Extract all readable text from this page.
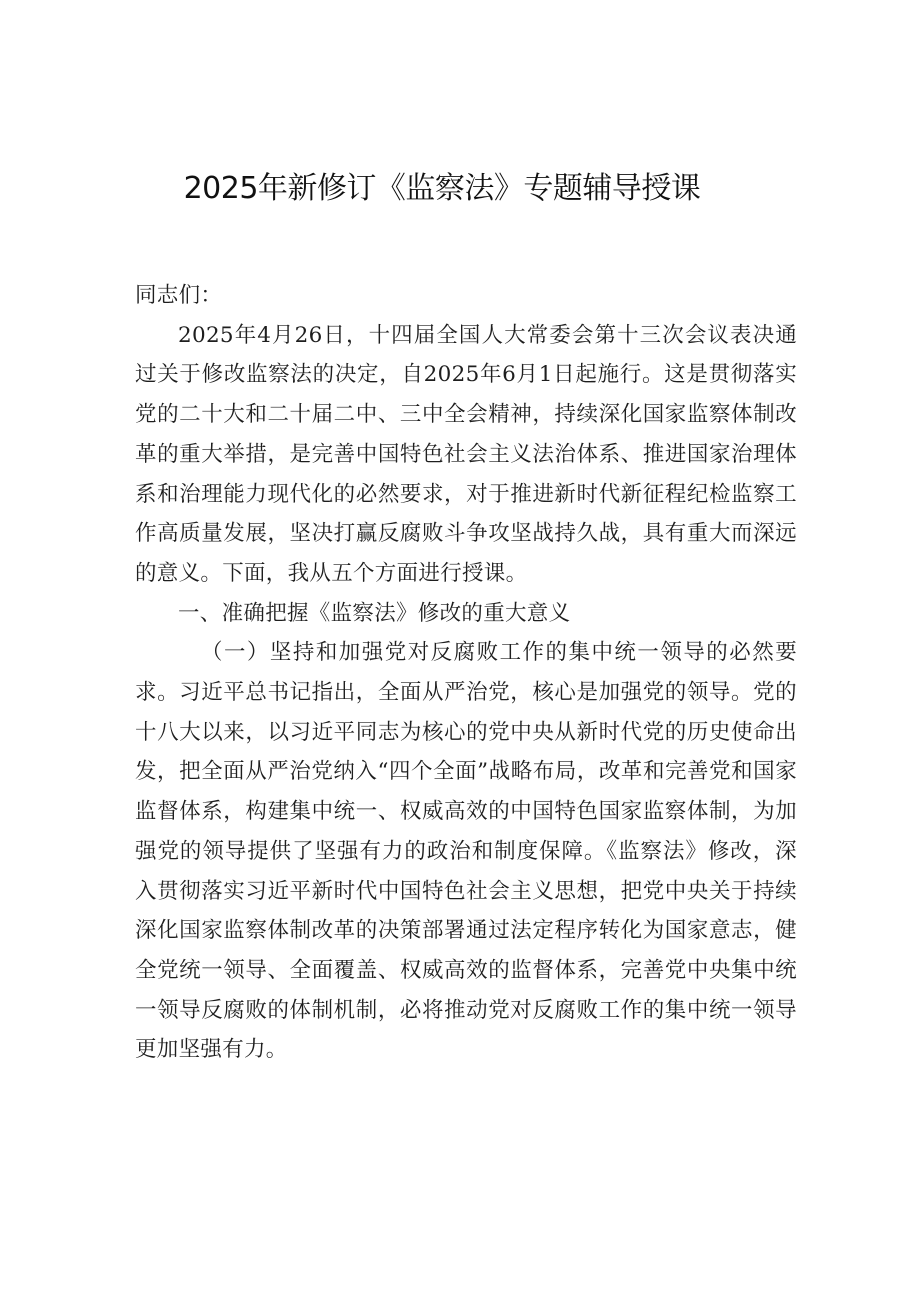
2025年新修订《监察法》专题辅导授课

同志们：

2025年4月26日，十四届全国人大常委会第十三次会议表决通过关于修改监察法的决定，自2025年6月1日起施行。这是贯彻落实党的二十大和二十届二中、三中全会精神，持续深化国家监察体制改革的重大举措，是完善中国特色社会主义法治体系、推进国家治理体系和治理能力现代化的必然要求，对于推进新时代新征程纪检监察工作高质量发展，坚决打赢反腐败斗争攻坚战持久战，具有重大而深远的意义。下面，我从五个方面进行授课。

一、准确把握《监察法》修改的重大意义

（一）坚持和加强党对反腐败工作的集中统一领导的必然要求。习近平总书记指出，全面从严治党，核心是加强党的领导。党的十八大以来，以习近平同志为核心的党中央从新时代党的历史使命出发，把全面从严治党纳入“四个全面”战略布局，改革和完善党和国家监督体系，构建集中统一、权威高效的中国特色国家监察体制，为加强党的领导提供了坚强有力的政治和制度保障。《监察法》修改，深入贯彻落实习近平新时代中国特色社会主义思想，把党中央关于持续深化国家监察体制改革的决策部署通过法定程序转化为国家意志，健全党统一领导、全面覆盖、权威高效的监督体系，完善党中央集中统一领导反腐败的体制机制，必将推动党对反腐败工作的集中统一领导更加坚强有力。
